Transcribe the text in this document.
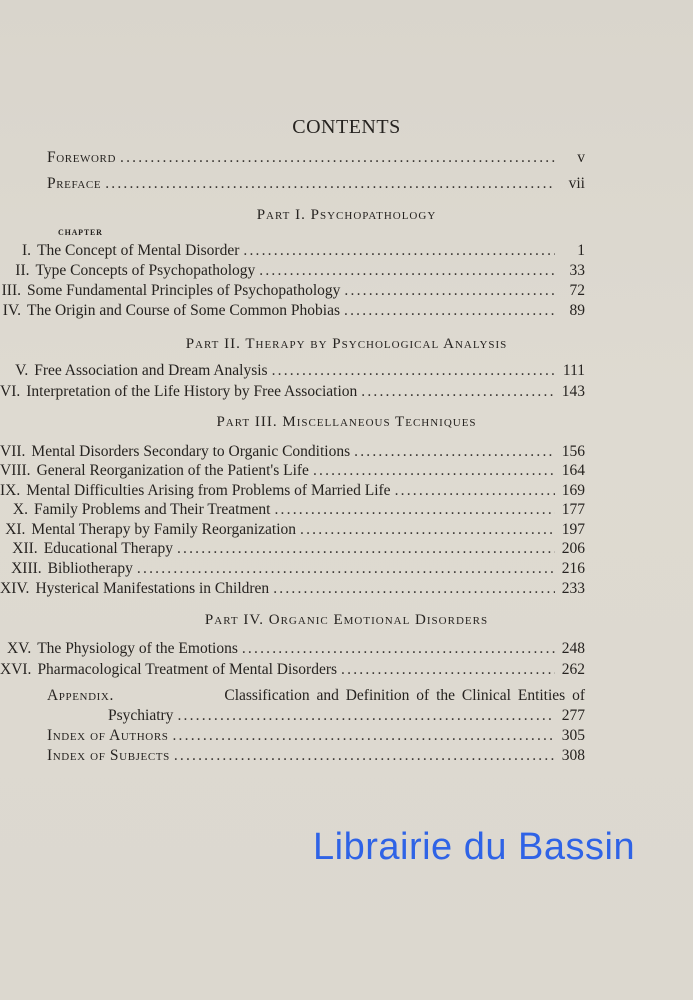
CONTENTS
Foreword .....	v
Preface .....	vii
Part I. Psychopathology
CHAPTER
I. The Concept of Mental Disorder .....	1
II. Type Concepts of Psychopathology .....	33
III. Some Fundamental Principles of Psychopathology .....	72
IV. The Origin and Course of Some Common Phobias .....	89
Part II. Therapy by Psychological Analysis
V. Free Association and Dream Analysis .....	111
VI. Interpretation of the Life History by Free Association .....	143
Part III. Miscellaneous Techniques
VII. Mental Disorders Secondary to Organic Conditions .....	156
VIII. General Reorganization of the Patient's Life .....	164
IX. Mental Difficulties Arising from Problems of Married Life .....	169
X. Family Problems and Their Treatment .....	177
XI. Mental Therapy by Family Reorganization .....	197
XII. Educational Therapy .....	206
XIII. Bibliotherapy .....	216
XIV. Hysterical Manifestations in Children .....	233
Part IV. Organic Emotional Disorders
XV. The Physiology of the Emotions .....	248
XVI. Pharmacological Treatment of Mental Disorders .....	262
Appendix.	Classification and Definition of the Clinical Entities of
Psychiatry .....	277
Index of Authors .....	305
Index of Subjects .....	308
Librairie du Bassin
